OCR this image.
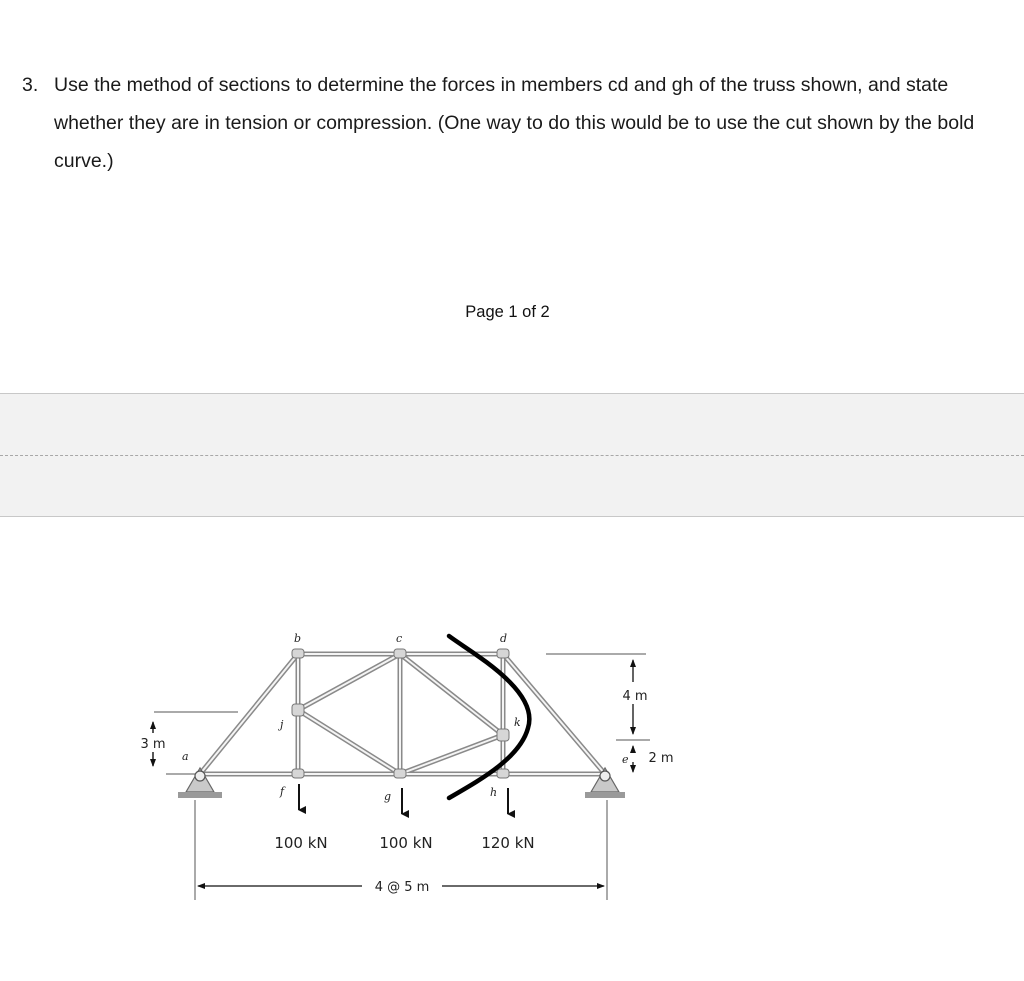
3. Use the method of sections to determine the forces in members cd and gh of the truss shown, and state whether they are in tension or compression. (One way to do this would be to use the cut shown by the bold curve.)
Page 1 of 2
b	c	d
a	e
f	g	h
j	k
100 kN	100 kN	120 kN
3 m
4 m
2 m
4 @ 5 m
